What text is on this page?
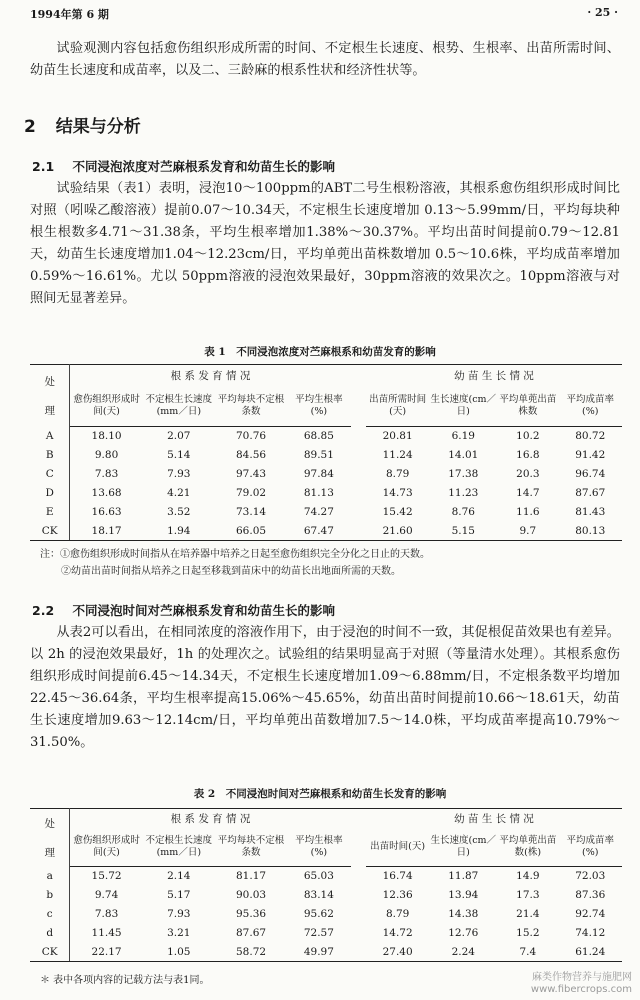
1994年第 6 期	· 25 ·

试验观测内容包括愈伤组织形成所需的时间、不定根生长速度、根势、生根率、出苗所需时间、幼苗生长速度和成苗率，以及二、三龄麻的根系性状和经济性状等。

2 结果与分析
2.1 不同浸泡浓度对苎麻根系发育和幼苗生长的影响

试验结果（表1）表明，浸泡10～100ppm的ABT二号生根粉溶液，其根系愈伤组织形成时间比对照（吲哚乙酸溶液）提前0.07～10.34天，不定根生长速度增加 0.13～5.99mm/日，平均每块种根生根数多4.71～31.38条，平均生根率增加1.38%～30.37%。平均出苗时间提前0.79～12.81天，幼苗生长速度增加1.04～12.23cm/日，平均单蔸出苗株数增加 0.5～10.6株，平均成苗率增加 0.59%～16.61%。尤以 50ppm溶液的浸泡效果最好，30ppm溶液的效果次之。10ppm溶液与对照间无显著差异。

表 1　不同浸泡浓度对苎麻根系和幼苗发育的影响
处
理	根 系 发 育 情 况					幼 苗 生 长 情 况			
	愈伤组织形成时间(天)	不定根生长速度(mm／日)	平均每块不定根条数	平均生根率(%)		出苗所需时间(天)	生长速度(cm／日)	平均单蔸出苗株数	平均成苗率(%)
A	18.10	2.07	70.76	68.85		20.81	6.19	10.2	80.72
B	9.80	5.14	84.56	89.51		11.24	14.01	16.8	91.42
C	7.83	7.93	97.43	97.84		8.79	17.38	20.3	96.74
D	13.68	4.21	79.02	81.13		14.73	11.23	14.7	87.67
E	16.63	3.52	73.14	74.27		15.42	8.76	11.6	81.43
CK	18.17	1.94	66.05	67.47		21.60	5.15	9.7	80.13
注：①愈伤组织形成时间指从在培养器中培养之日起至愈伤组织完全分化之日止的天数。
②幼苗出苗时间指从培养之日起至移栽到苗床中的幼苗长出地面所需的天数。
2.2 不同浸泡时间对苎麻根系发育和幼苗生长的影响

从表2可以看出，在相同浓度的溶液作用下，由于浸泡的时间不一致，其促根促苗效果也有差异。以 2h 的浸泡效果最好，1h 的处理次之。试验组的结果明显高于对照（等量清水处理）。其根系愈伤组织形成时间提前6.45～14.34天，不定根生长速度增加1.09～6.88mm/日，不定根条数平均增加22.45～36.64条，平均生根率提高15.06%～45.65%，幼苗出苗时间提前10.66～18.61天，幼苗生长速度增加9.63～12.14cm/日，平均单蔸出苗数增加7.5～14.0株，平均成苗率提高10.79%～31.50%。

表 2　不同浸泡时间对苎麻根系和幼苗生长发育的影响
处
理	根 系 发 育 情 况					幼 苗 生 长 情 况			
	愈伤组织形成时间(天)	不定根生长速度(mm／日)	平均每块不定根条数	平均生根率(%)		出苗时间(天)	生长速度(cm／日)	平均单蔸出苗数(株)	平均成苗率(%)
a	15.72	2.14	81.17	65.03		16.74	11.87	14.9	72.03
b	9.74	5.17	90.03	83.14		12.36	13.94	17.3	87.36
c	7.83	7.93	95.36	95.62		8.79	14.38	21.4	92.74
d	11.45	3.21	87.67	72.57		14.72	12.76	15.2	74.12
CK	22.17	1.05	58.72	49.97		27.40	2.24	7.4	61.24
＊ 表中各项内容的记载方法与表1同。	麻类作物营养与施肥网
www.fibercrops.com
